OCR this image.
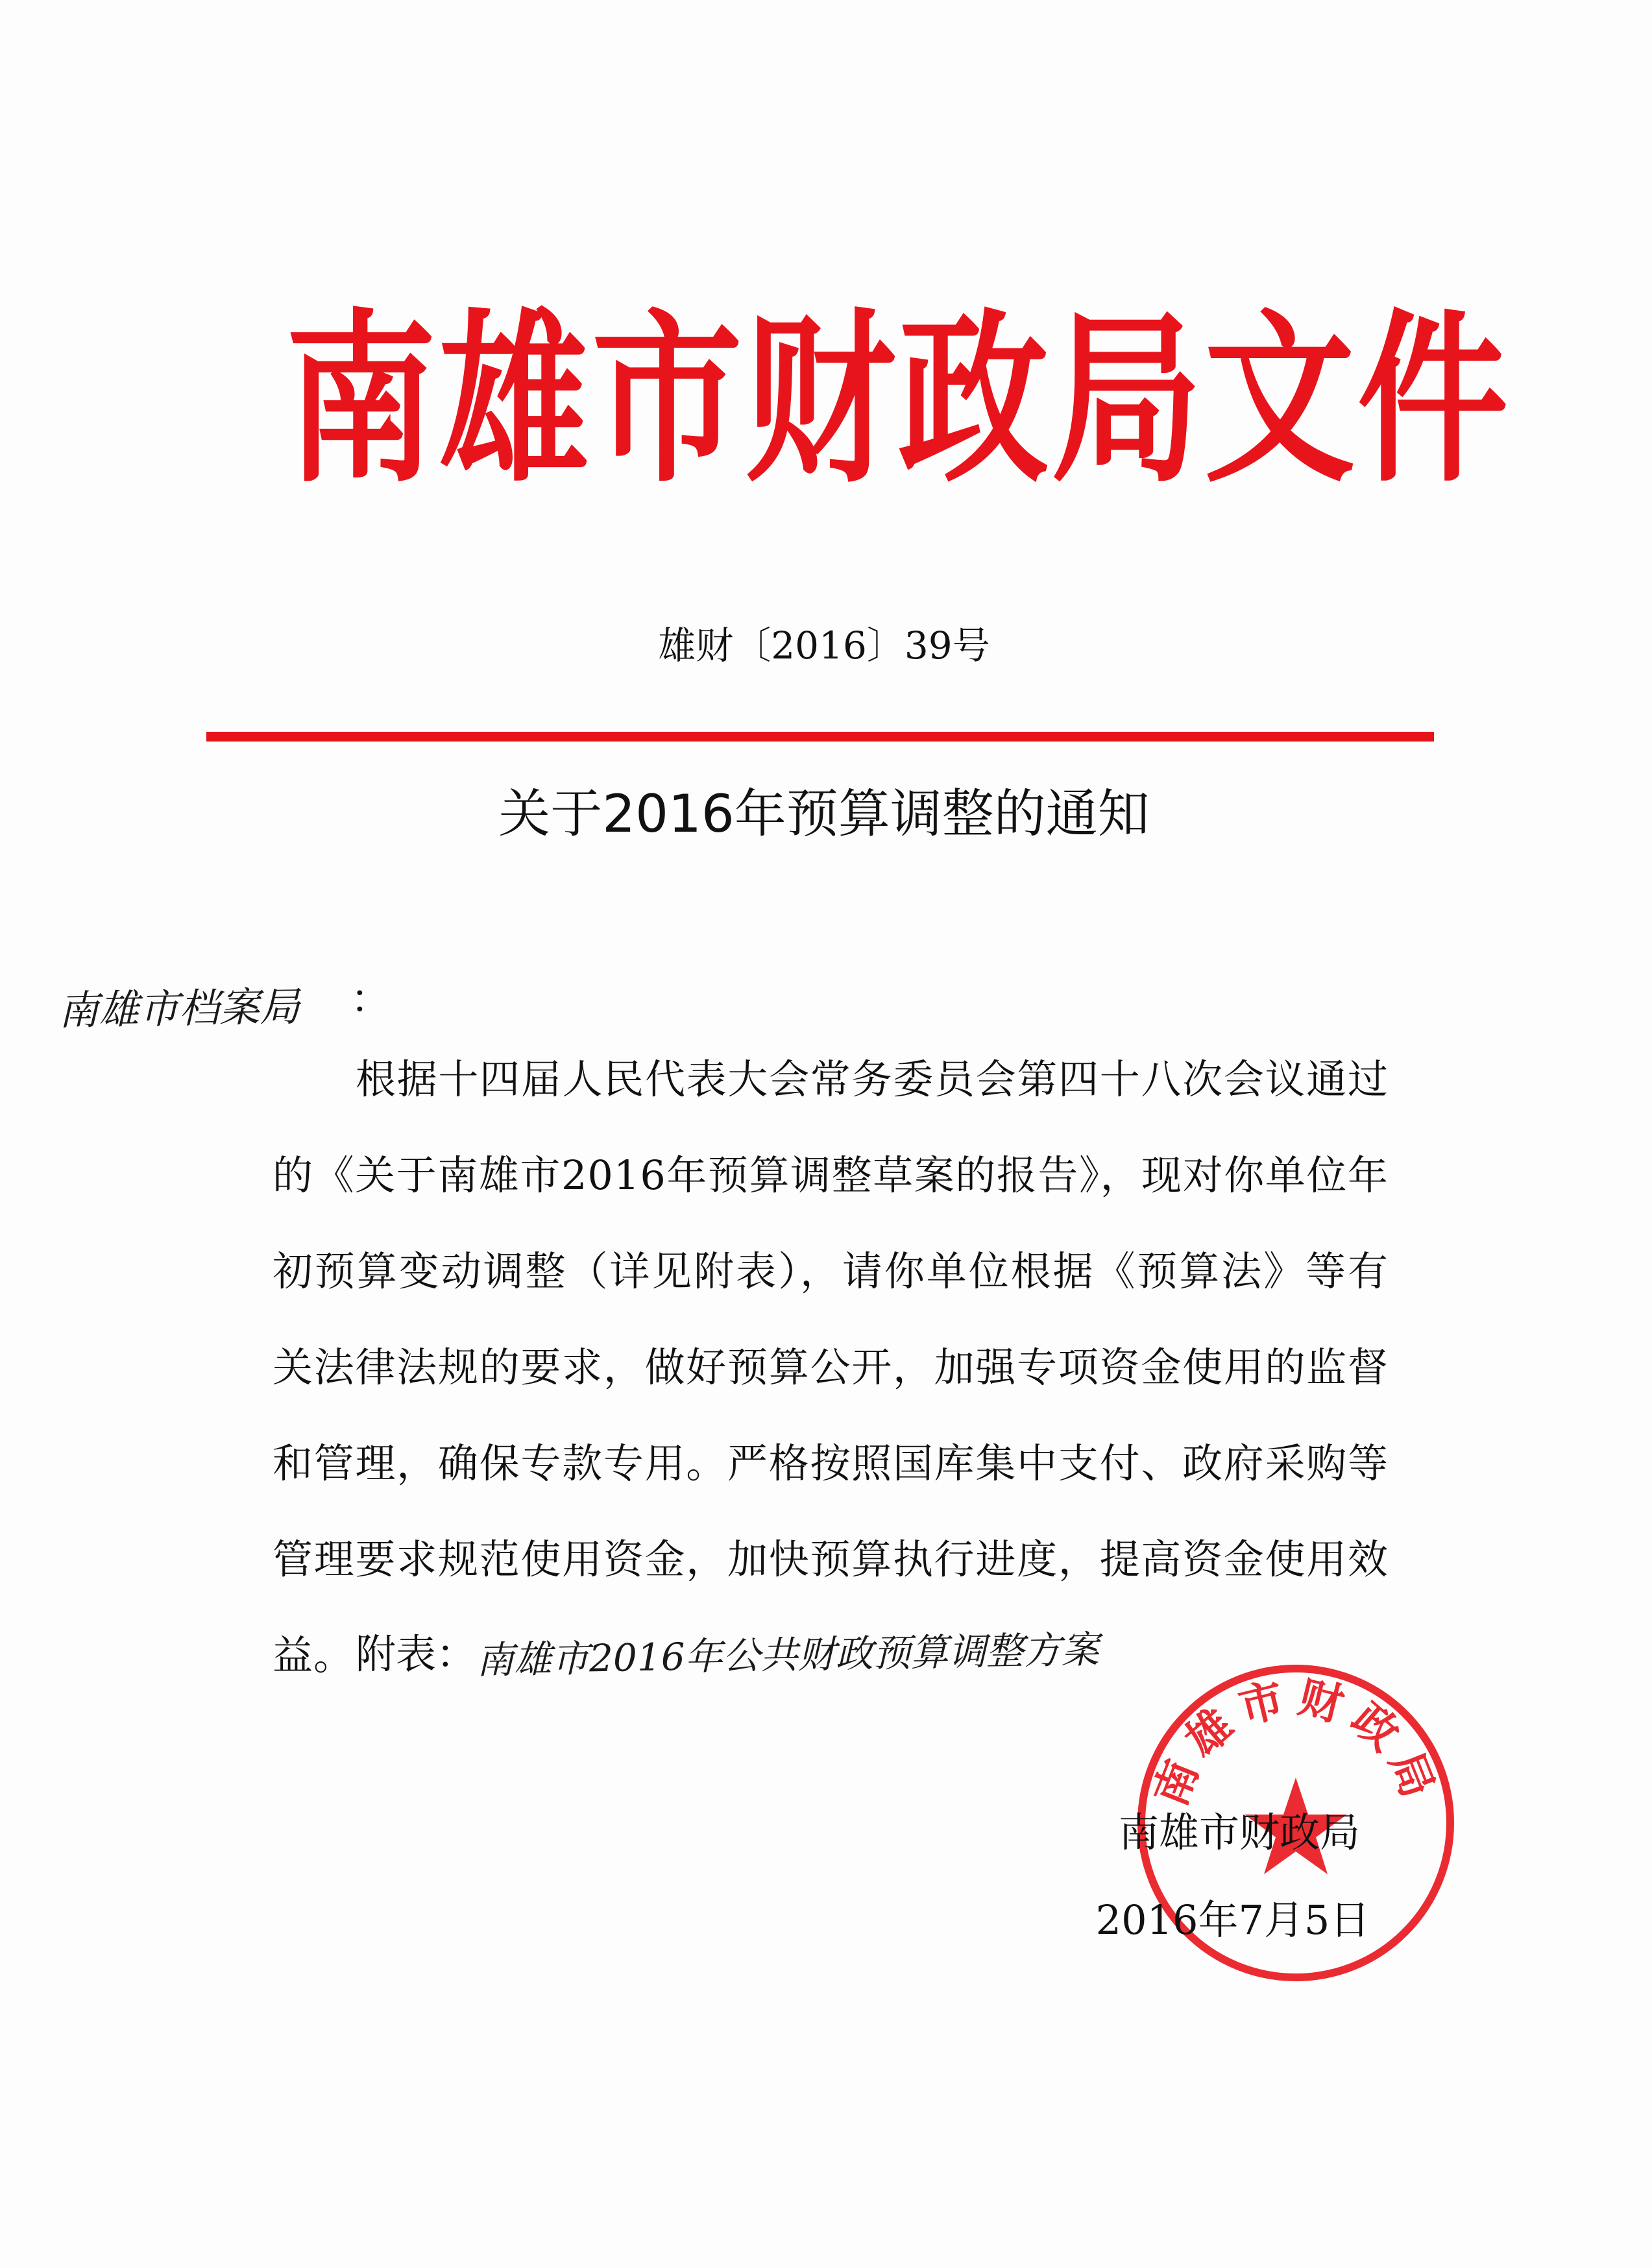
南雄市财政局文件
雄财〔2016〕39号
关于2016年预算调整的通知
南雄市档案局 ：
根据十四届人民代表大会常务委员会第四十八次会议通过的《关于南雄市2016年预算调整草案的报告》，现对你单位年初预算变动调整（详见附表），请你单位根据《预算法》等有关法律法规的要求，做好预算公开，加强专项资金使用的监督和管理，确保专款专用。严格按照国库集中支付、政府采购等管理要求规范使用资金，加快预算执行进度，提高资金使用效益。 附表：南雄市2016年公共财政预算调整方案
南雄市财政局
南雄市财政局
2016年7月5日
